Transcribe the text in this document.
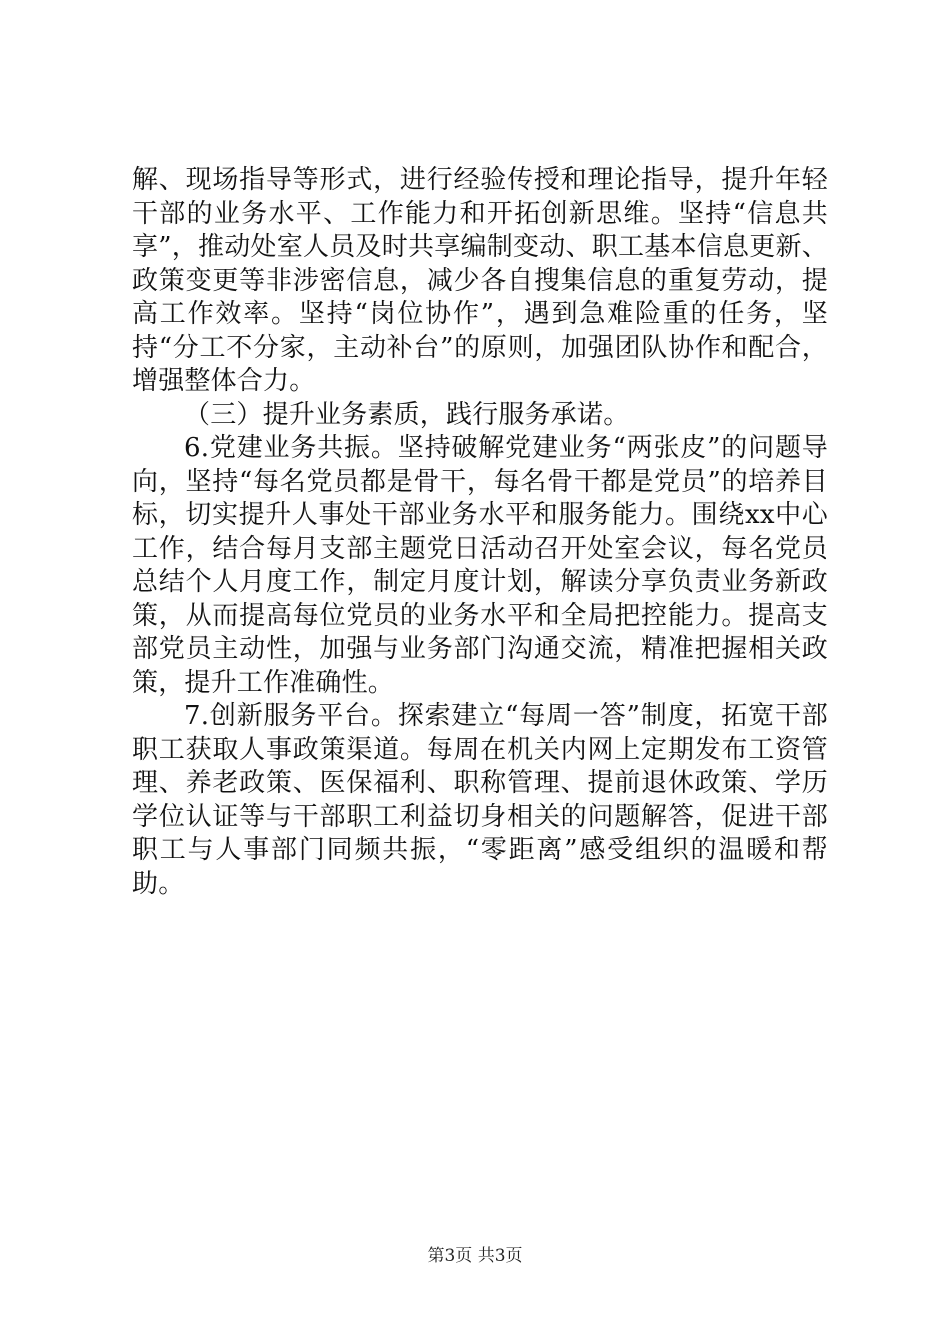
解、现场指导等形式，进行经验传授和理论指导，提升年轻干部的业务水平、工作能力和开拓创新思维。坚持“信息共享”，推动处室人员及时共享编制变动、职工基本信息更新、政策变更等非涉密信息，减少各自搜集信息的重复劳动，提高工作效率。坚持“岗位协作”，遇到急难险重的任务，坚持“分工不分家，主动补台”的原则，加强团队协作和配合，增强整体合力。

（三）提升业务素质，践行服务承诺。

6.党建业务共振。坚持破解党建业务“两张皮”的问题导向，坚持“每名党员都是骨干，每名骨干都是党员”的培养目标，切实提升人事处干部业务水平和服务能力。围绕xx中心工作，结合每月支部主题党日活动召开处室会议，每名党员总结个人月度工作，制定月度计划，解读分享负责业务新政策，从而提高每位党员的业务水平和全局把控能力。提高支部党员主动性，加强与业务部门沟通交流，精准把握相关政策，提升工作准确性。

7.创新服务平台。探索建立“每周一答”制度，拓宽干部职工获取人事政策渠道。每周在机关内网上定期发布工资管理、养老政策、医保福利、职称管理、提前退休政策、学历学位认证等与干部职工利益切身相关的问题解答，促进干部职工与人事部门同频共振，“零距离”感受组织的温暖和帮助。

第3页 共3页
